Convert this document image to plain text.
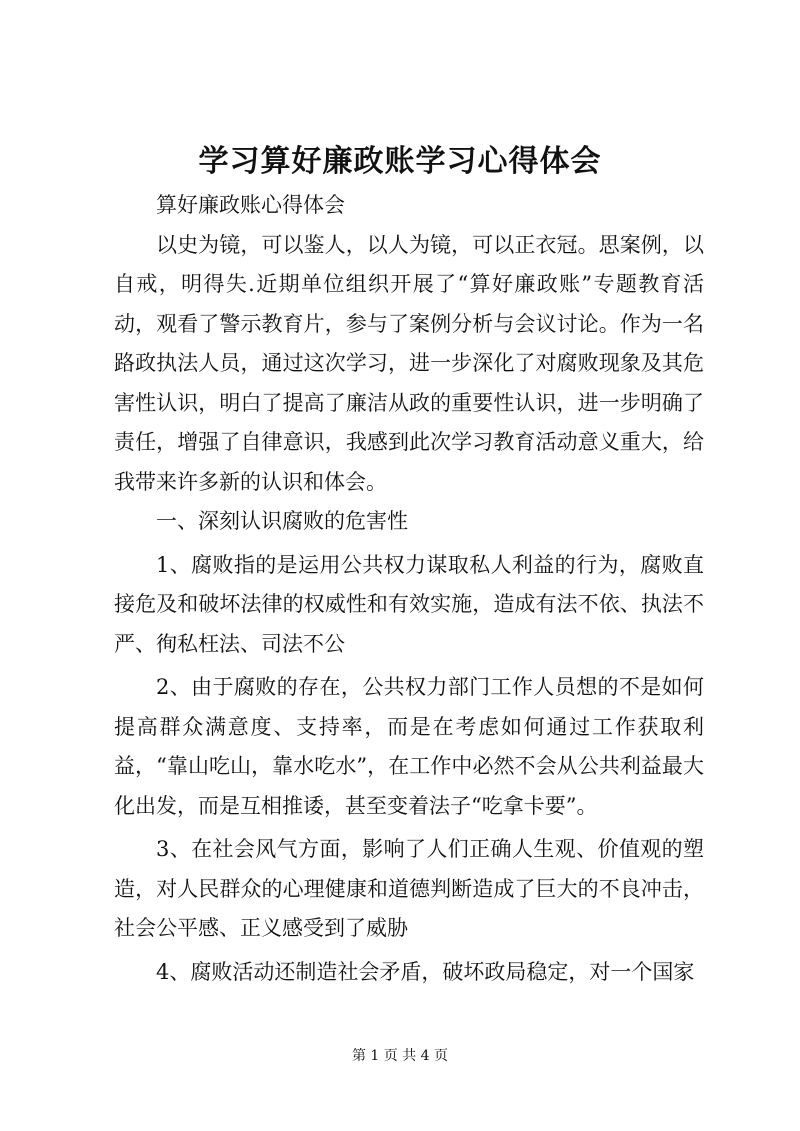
学习算好廉政账学习心得体会

算好廉政账心得体会

以史为镜，可以鉴人，以人为镜，可以正衣冠。思案例，以自戒，明得失.近期单位组织开展了“算好廉政账”专题教育活动，观看了警示教育片，参与了案例分析与会议讨论。作为一名路政执法人员，通过这次学习，进一步深化了对腐败现象及其危害性认识，明白了提高了廉洁从政的重要性认识，进一步明确了责任，增强了自律意识，我感到此次学习教育活动意义重大，给我带来许多新的认识和体会。

一、深刻认识腐败的危害性

1、腐败指的是运用公共权力谋取私人利益的行为，腐败直接危及和破坏法律的权威性和有效实施，造成有法不依、执法不严、徇私枉法、司法不公

2、由于腐败的存在，公共权力部门工作人员想的不是如何提高群众满意度、支持率，而是在考虑如何通过工作获取利益，“靠山吃山，靠水吃水”，在工作中必然不会从公共利益最大化出发，而是互相推诿，甚至变着法子“吃拿卡要”。

3、在社会风气方面，影响了人们正确人生观、价值观的塑造，对人民群众的心理健康和道德判断造成了巨大的不良冲击，社会公平感、正义感受到了威胁

4、腐败活动还制造社会矛盾，破坏政局稳定，对一个国家

第 1 页 共 4 页
